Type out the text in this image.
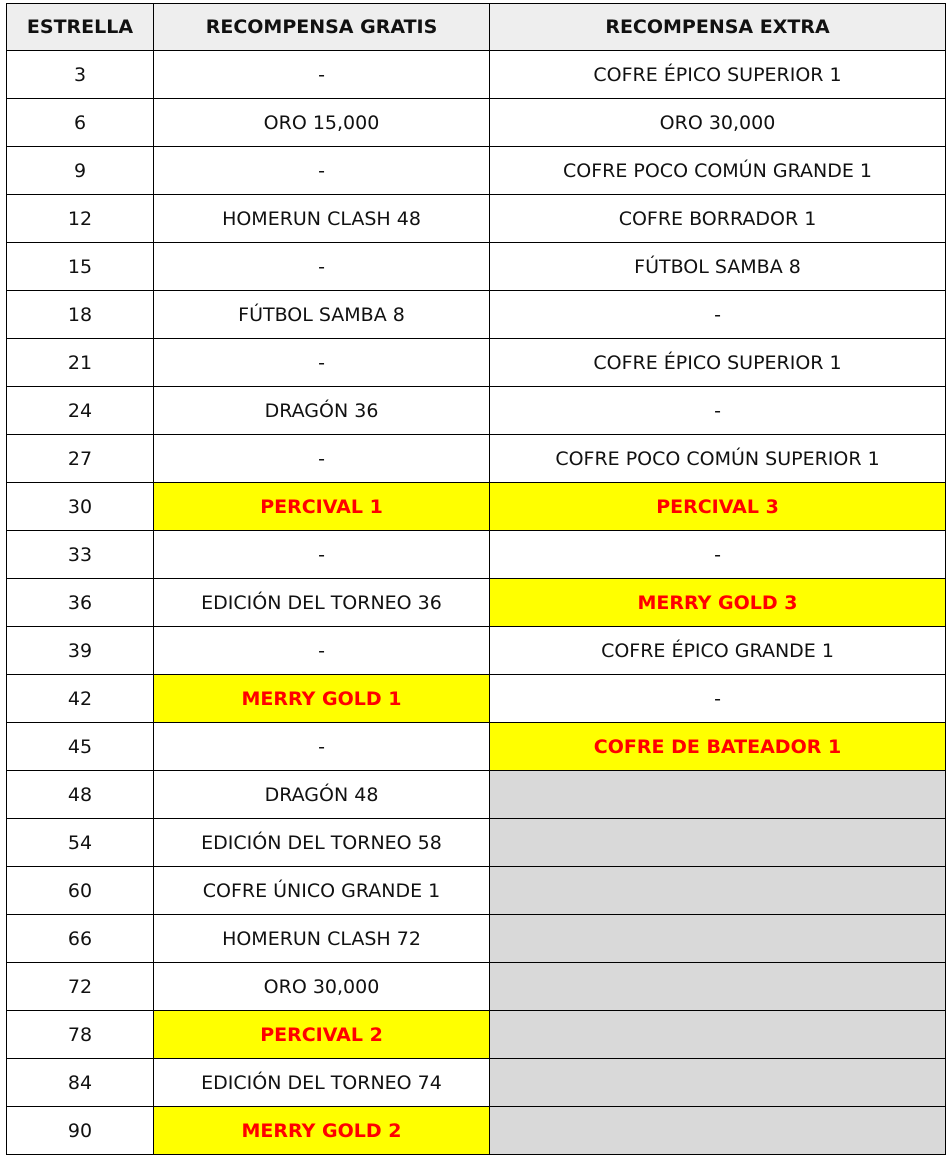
ESTRELLA	RECOMPENSA GRATIS	RECOMPENSA EXTRA
3	-	COFRE ÉPICO SUPERIOR 1
6	ORO 15,000	ORO 30,000
9	-	COFRE POCO COMÚN GRANDE 1
12	HOMERUN CLASH 48	COFRE BORRADOR 1
15	-	FÚTBOL SAMBA 8
18	FÚTBOL SAMBA 8	-
21	-	COFRE ÉPICO SUPERIOR 1
24	DRAGÓN 36	-
27	-	COFRE POCO COMÚN SUPERIOR 1
30	PERCIVAL 1	PERCIVAL 3
33	-	-
36	EDICIÓN DEL TORNEO 36	MERRY GOLD 3
39	-	COFRE ÉPICO GRANDE 1
42	MERRY GOLD 1	-
45	-	COFRE DE BATEADOR 1
48	DRAGÓN 48	
54	EDICIÓN DEL TORNEO 58	
60	COFRE ÚNICO GRANDE 1	
66	HOMERUN CLASH 72	
72	ORO 30,000	
78	PERCIVAL 2	
84	EDICIÓN DEL TORNEO 74	
90	MERRY GOLD 2	
